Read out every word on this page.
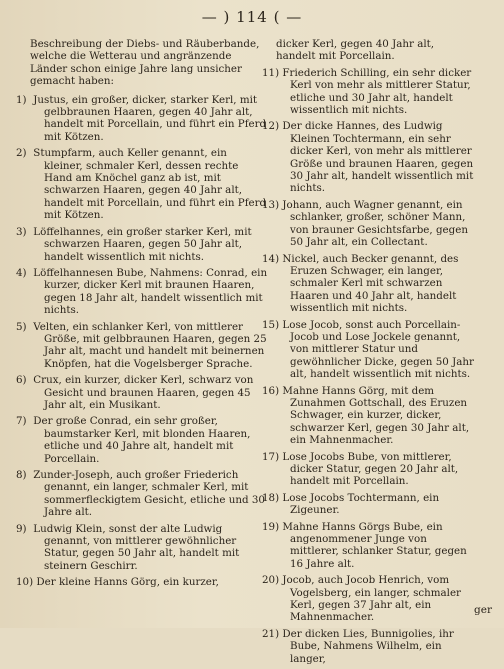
— ) 114 ( —

Beschreibung der Diebs- und Räuberbande, welche die Wetterau und angränzende Länder schon einige Jahre lang unsicher gemacht haben:

1) Justus, ein großer, dicker, starker Kerl, mit gelbbraunen Haaren, gegen 40 Jahr alt, handelt mit Porcellain, und führt ein Pferd mit Kötzen.

2) Stumpfarm, auch Keller genannt, ein kleiner, schmaler Kerl, dessen rechte Hand am Knöchel ganz ab ist, mit schwarzen Haaren, gegen 40 Jahr alt, handelt mit Porcellain, und führt ein Pferd mit Kötzen.

3) Löffelhannes, ein großer starker Kerl, mit schwarzen Haaren, gegen 50 Jahr alt, handelt wissentlich mit nichts.

4) Löffelhannesen Bube, Nahmens: Conrad, ein kurzer, dicker Kerl mit braunen Haaren, gegen 18 Jahr alt, handelt wissentlich mit nichts.

5) Velten, ein schlanker Kerl, von mittlerer Größe, mit gelbbraunen Haaren, gegen 25 Jahr alt, macht und handelt mit beinernen Knöpfen, hat die Vogelsberger Sprache.

6) Crux, ein kurzer, dicker Kerl, schwarz von Gesicht und braunen Haaren, gegen 45 Jahr alt, ein Musikant.

7) Der große Conrad, ein sehr großer, baumstarker Kerl, mit blonden Haaren, etliche und 40 Jahre alt, handelt mit Porcellain.

8) Zunder-Joseph, auch großer Friederich genannt, ein langer, schmaler Kerl, mit sommerfleckigtem Gesicht, etliche und 30 Jahre alt.

9) Ludwig Klein, sonst der alte Ludwig genannt, von mittlerer gewöhnlicher Statur, gegen 50 Jahr alt, handelt mit steinern Geschirr.

10) Der kleine Hanns Görg, ein kurzer,

dicker Kerl, gegen 40 Jahr alt, handelt mit Porcellain.

11) Friederich Schilling, ein sehr dicker Kerl von mehr als mittlerer Statur, etliche und 30 Jahr alt, handelt wissentlich mit nichts.

12) Der dicke Hannes, des Ludwig Kleinen Tochtermann, ein sehr dicker Kerl, von mehr als mittlerer Größe und braunen Haaren, gegen 30 Jahr alt, handelt wissentlich mit nichts.

13) Johann, auch Wagner genannt, ein schlanker, großer, schöner Mann, von brauner Gesichtsfarbe, gegen 50 Jahr alt, ein Collectant.

14) Nickel, auch Becker genannt, des Eruzen Schwager, ein langer, schmaler Kerl mit schwarzen Haaren und 40 Jahr alt, handelt wissentlich mit nichts.

15) Lose Jocob, sonst auch Porcellain-Jocob und Lose Jockele genannt, von mittlerer Statur und gewöhnlicher Dicke, gegen 50 Jahr alt, handelt wissentlich mit nichts.

16) Mahne Hanns Görg, mit dem Zunahmen Gottschall, des Eruzen Schwager, ein kurzer, dicker, schwarzer Kerl, gegen 30 Jahr alt, ein Mahnenmacher.

17) Lose Jocobs Bube, von mittlerer, dicker Statur, gegen 20 Jahr alt, handelt mit Porcellain.

18) Lose Jocobs Tochtermann, ein Zigeuner.

19) Mahne Hanns Görgs Bube, ein angenommener Junge von mittlerer, schlanker Statur, gegen 16 Jahre alt.

20) Jocob, auch Jocob Henrich, vom Vogelsberg, ein langer, schmaler Kerl, gegen 37 Jahr alt, ein Mahnenmacher.

21) Der dicken Lies, Bunnigolies, ihr Bube, Nahmens Wilhelm, ein langer,

ger
